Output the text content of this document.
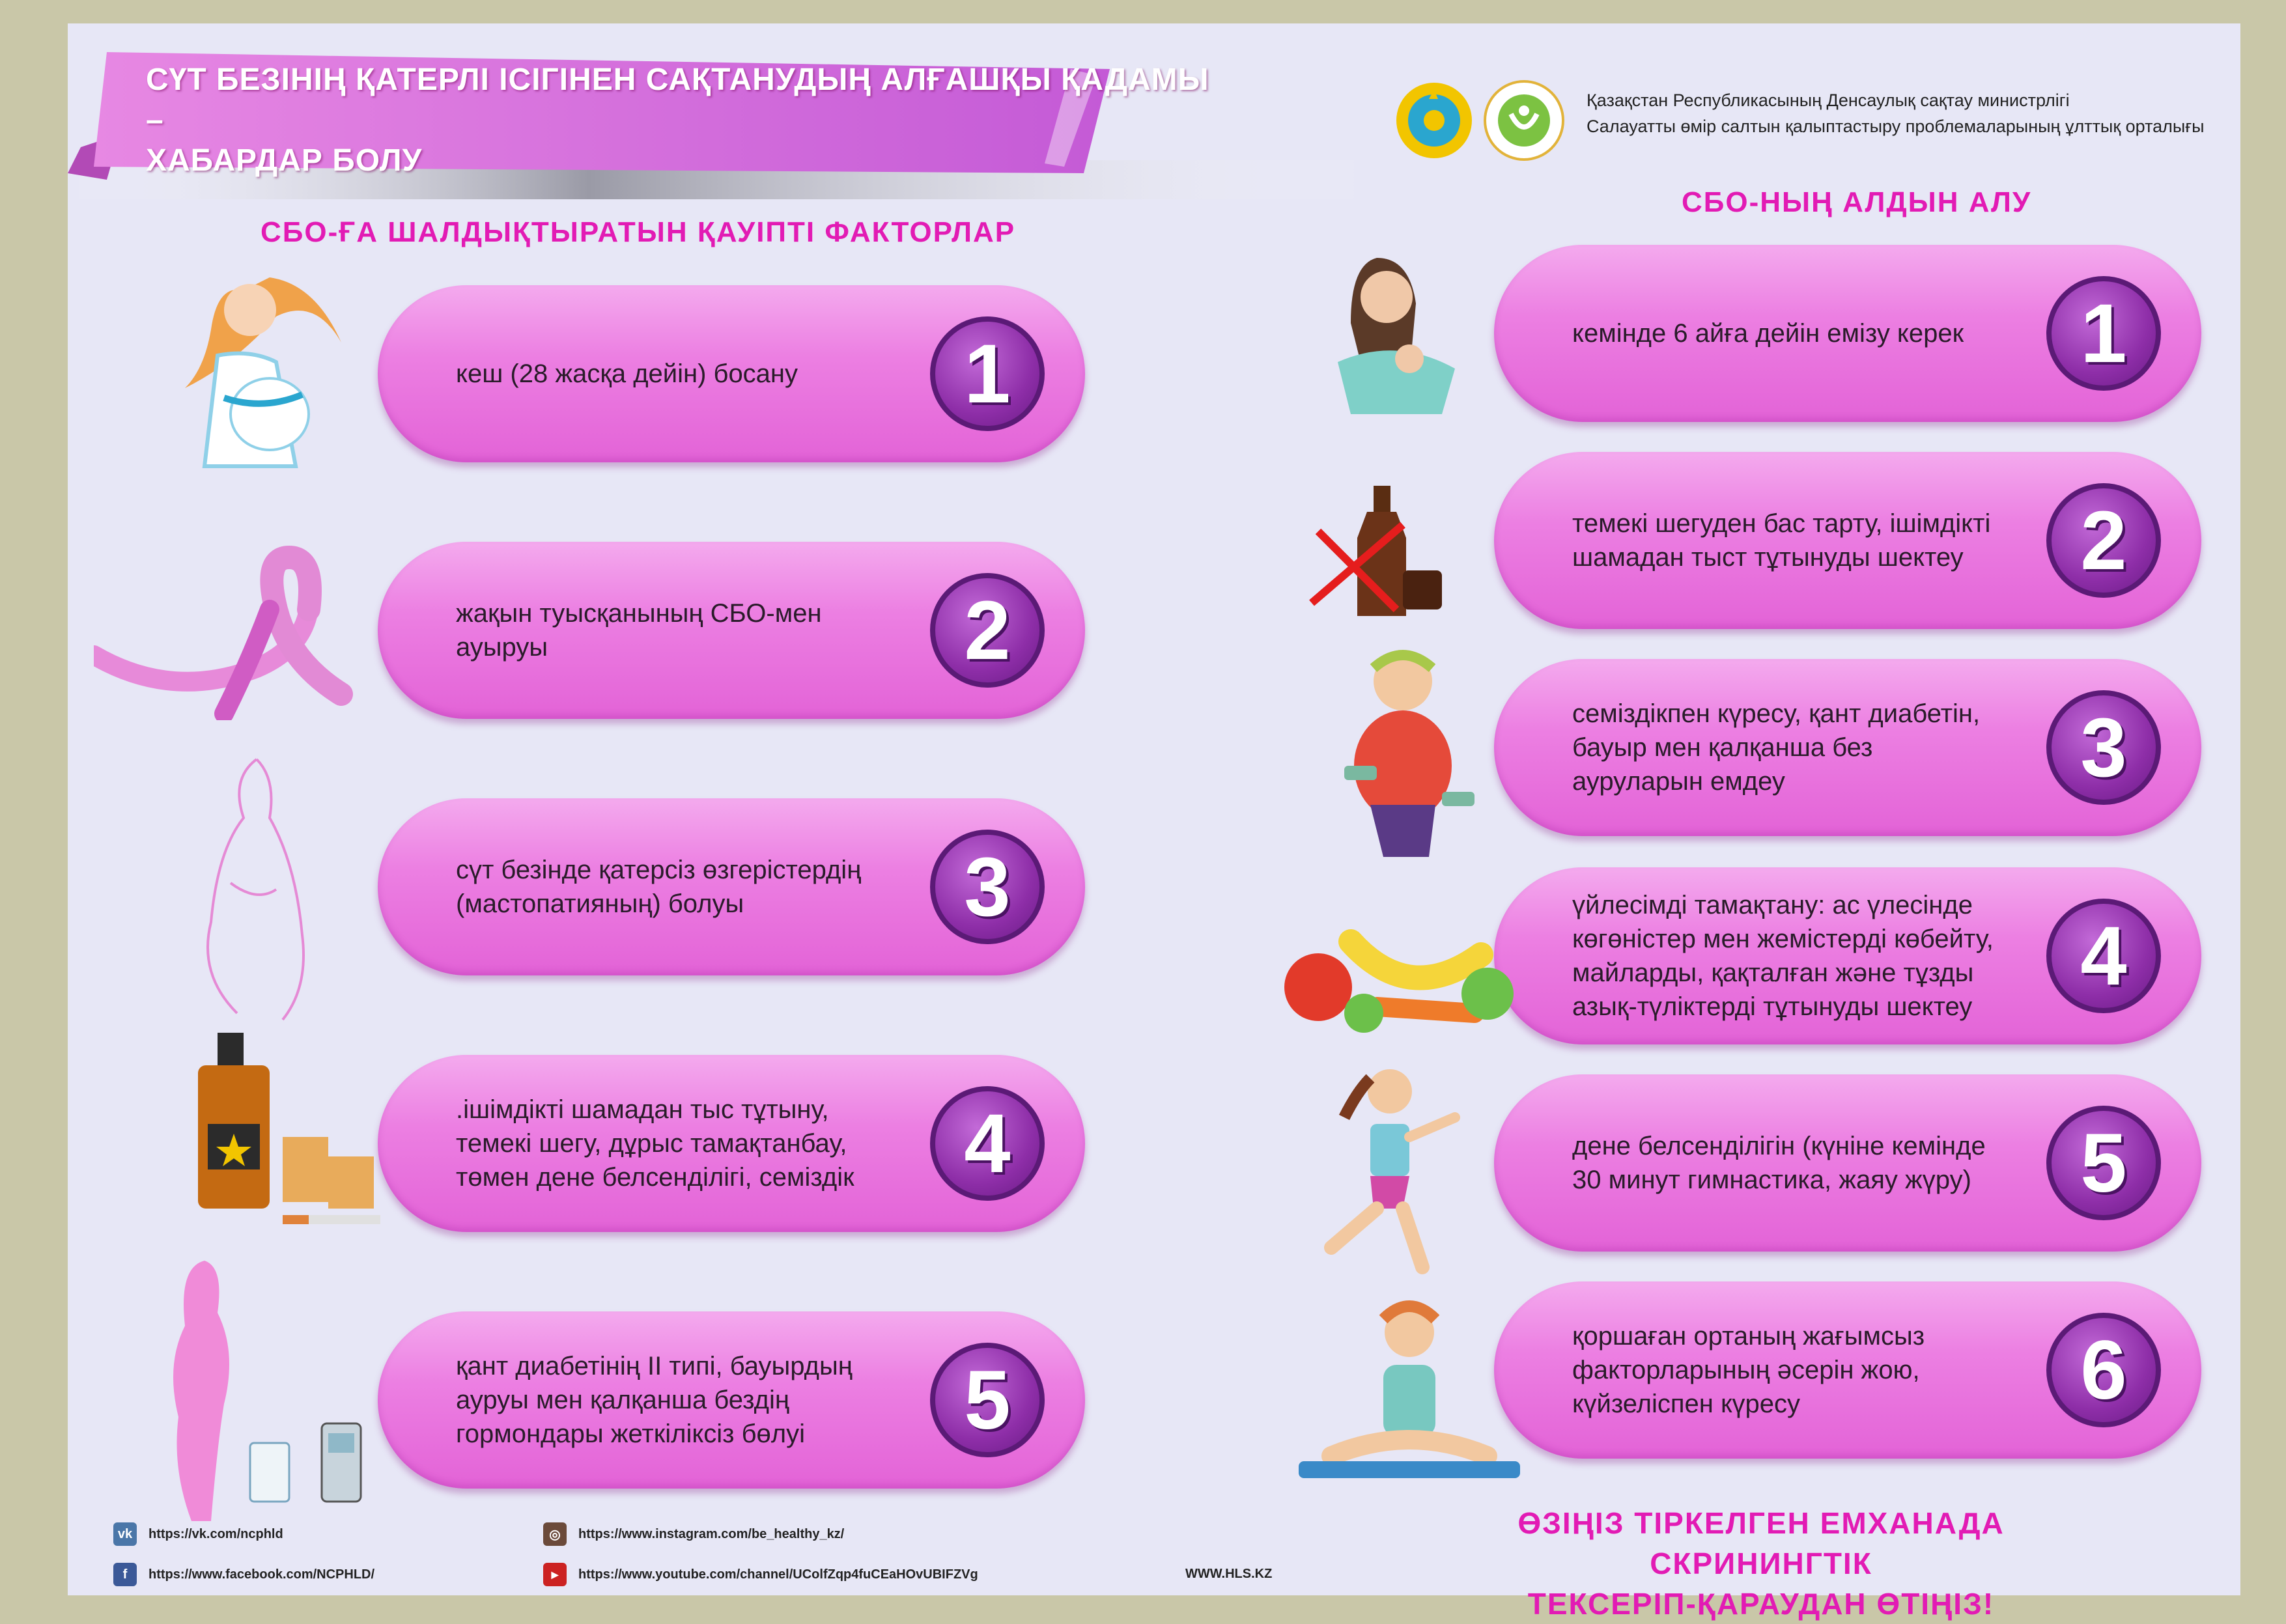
СҮТ БЕЗІНІҢ ҚАТЕРЛІ ІСІГІНЕН САҚТАНУДЫҢ АЛҒАШҚЫ ҚАДАМЫ –
ХАБАРДАР БОЛУ
Қазақстан Республикасының Денсаулық сақтау министрлігі
Салауатты өмір салтын қалыптастыру проблемаларының ұлттық орталығы
СБО-ҒА ШАЛДЫҚТЫРАТЫН ҚАУІПТІ ФАКТОРЛАР
СБО-НЫҢ АЛДЫН АЛУ
кеш (28 жасқа дейін) босану	1
жақын туысқанының СБО-мен ауыруы	2
сүт безінде қатерсіз өзгерістердің (мастопатияның) болуы	3
.ішімдікті шамадан тыс тұтыну, темекі шегу, дұрыс тамақтанбау, төмен дене белсенділігі, семіздік	4
қант диабетінің II типі, бауырдың ауруы мен қалқанша бездің гормондары жеткіліксіз бөлуі	5
кемінде 6 айға дейін емізу керек	1
темекі шегуден бас тарту, ішімдікті шамадан тыст тұтынуды шектеу	2
семіздікпен күресу, қант диабетін, бауыр мен қалқанша без ауруларын емдеу	3
үйлесімді тамақтану: ас үлесінде көгөністер мен жемістерді көбейту, майларды, қақталған және тұзды азық-түліктерді тұтынуды шектеу
4
дене белсенділігін (күніне кемінде 30 минут гимнастика, жаяу жүру)	5
қоршаған ортаның жағымсыз факторларының әсерін жою, күйзеліспен күресу	6
ӨЗІҢІЗ ТІРКЕЛГЕН ЕМХАНАДА СКРИНИНГТІК
ТЕКСЕРІП-ҚАРАУДАН ӨТІҢІЗ!
vk	https://vk.com/ncphld
f	https://www.facebook.com/NCPHLD/
◎	https://www.instagram.com/be_healthy_kz/
▶	https://www.youtube.com/channel/UColfZqp4fuCEaHOvUBIFZVg	WWW.HLS.KZ
